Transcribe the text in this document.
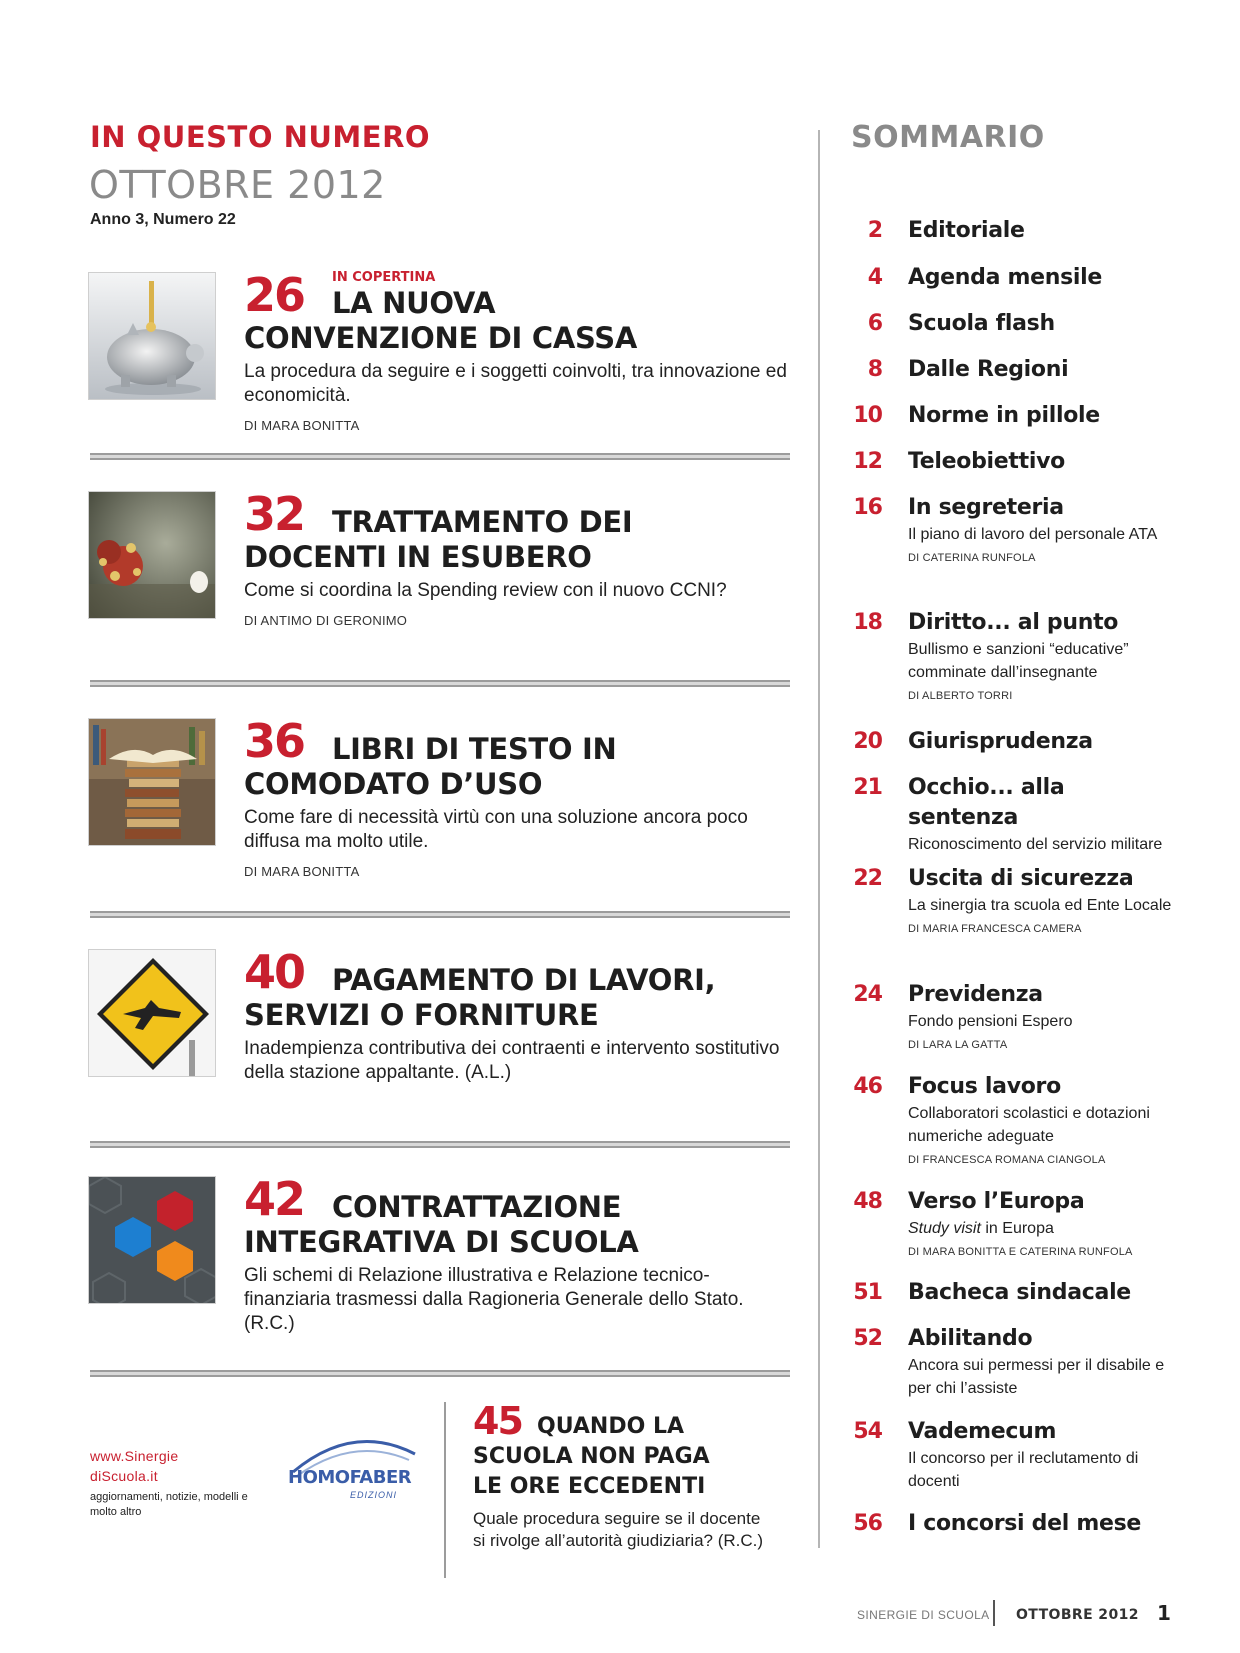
IN QUESTO NUMERO
OTTOBRE 2012
Anno 3, Numero 22
26 IN COPERTINA
LA NUOVA
CONVENZIONE DI CASSA
La procedura da seguire e i soggetti coinvolti, tra innovazione ed economicità.
DI MARA BONITTA
32 TRATTAMENTO DEI
DOCENTI IN ESUBERO
Come si coordina la Spending review con il nuovo CCNI?
DI ANTIMO DI GERONIMO
36 LIBRI DI TESTO IN
COMODATO D’USO
Come fare di necessità virtù con una soluzione ancora poco diffusa ma molto utile.
DI MARA BONITTA
40 PAGAMENTO DI LAVORI,
SERVIZI O FORNITURE
Inadempienza contributiva dei contraenti e intervento sostitutivo della stazione appaltante. (A.L.)
42 CONTRATTAZIONE
INTEGRATIVA DI SCUOLA
Gli schemi di Relazione illustrativa e Relazione tecnico-finanziaria trasmessi dalla Ragioneria Generale dello Stato. (R.C.)
www.Sinergie
diScuola.it
aggiornamenti, notizie, modelli e molto altro
HOMOFABER
EDIZIONI
45 QUANDO LA
SCUOLA NON PAGA
LE ORE ECCEDENTI
Quale procedura seguire se il docente si rivolge all’autorità giudiziaria? (R.C.)
SOMMARIO
2 Editoriale
4 Agenda mensile
6 Scuola flash
8 Dalle Regioni
10 Norme in pillole
12 Teleobiettivo
16 In segreteria
Il piano di lavoro del personale ATA
DI CATERINA RUNFOLA
18 Diritto... al punto
Bullismo e sanzioni “educative” comminate dall’insegnante
DI ALBERTO TORRI
20 Giurisprudenza
21 Occhio... alla sentenza
Riconoscimento del servizio militare
22 Uscita di sicurezza
La sinergia tra scuola ed Ente Locale
DI MARIA FRANCESCA CAMERA
24 Previdenza
Fondo pensioni Espero
DI LARA LA GATTA
46 Focus lavoro
Collaboratori scolastici e dotazioni numeriche adeguate
DI FRANCESCA ROMANA CIANGOLA
48 Verso l’Europa
Study visit in Europa
DI MARA BONITTA E CATERINA RUNFOLA
51 Bacheca sindacale
52 Abilitando
Ancora sui permessi per il disabile e per chi l’assiste
54 Vademecum
Il concorso per il reclutamento di docenti
56 I concorsi del mese
SINERGIE DI SCUOLA OTTOBRE 2012 1
